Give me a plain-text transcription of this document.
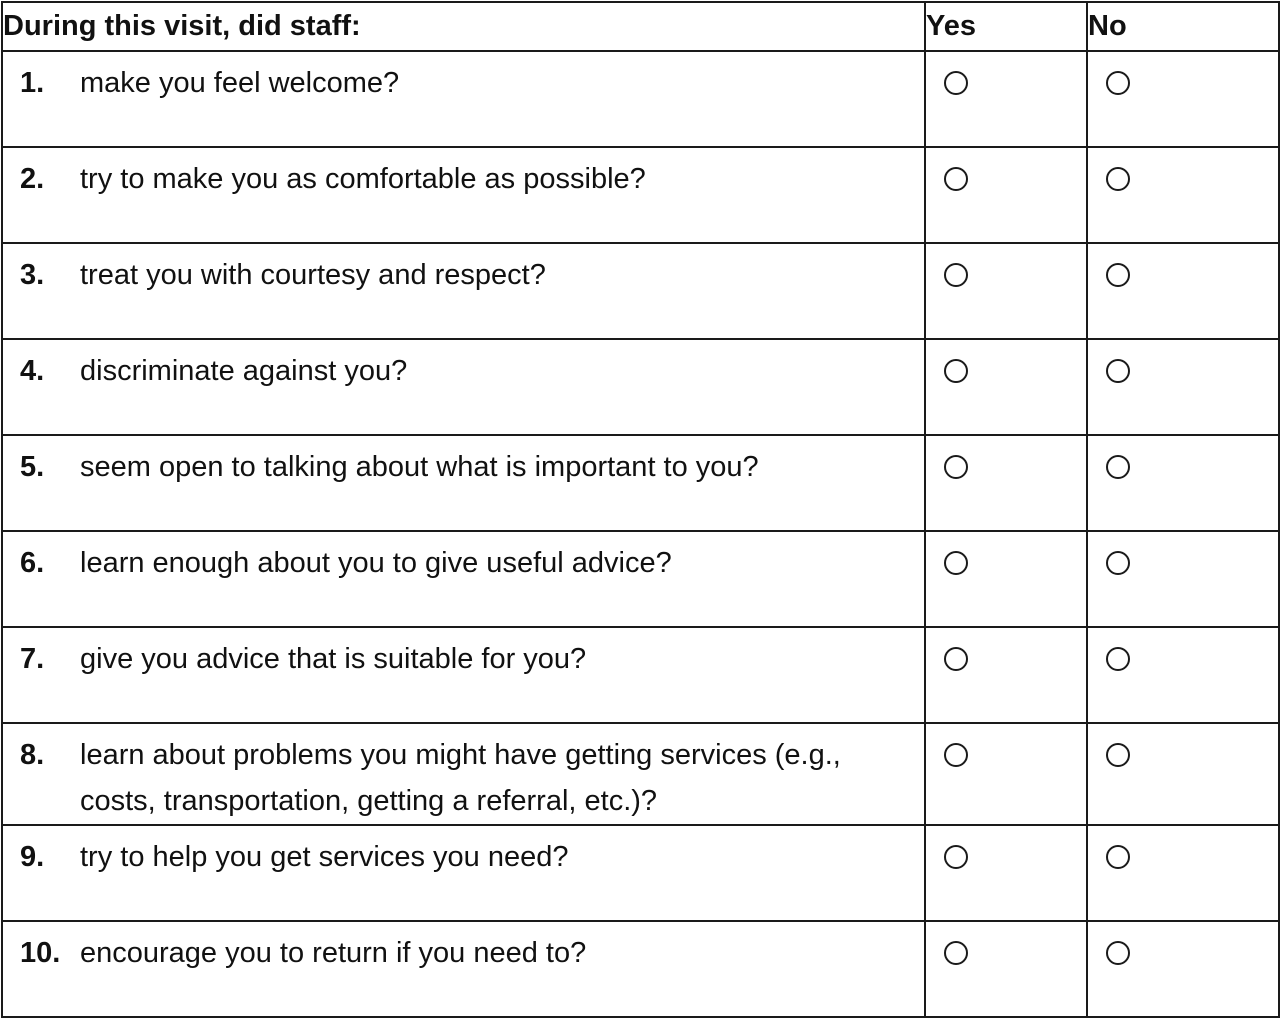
During this visit, did staff:	Yes	No

1. make you feel welcome?		

2. try to make you as comfortable as possible?		

3. treat you with courtesy and respect?		

4. discriminate against you?		

5. seem open to talking about what is important to you?		

6. learn enough about you to give useful advice?		

7. give you advice that is suitable for you?		

8. learn about problems you might have getting services (e.g., costs, transportation, getting a referral, etc.)?		

9. try to help you get services you need?		

10. encourage you to return if you need to?		
